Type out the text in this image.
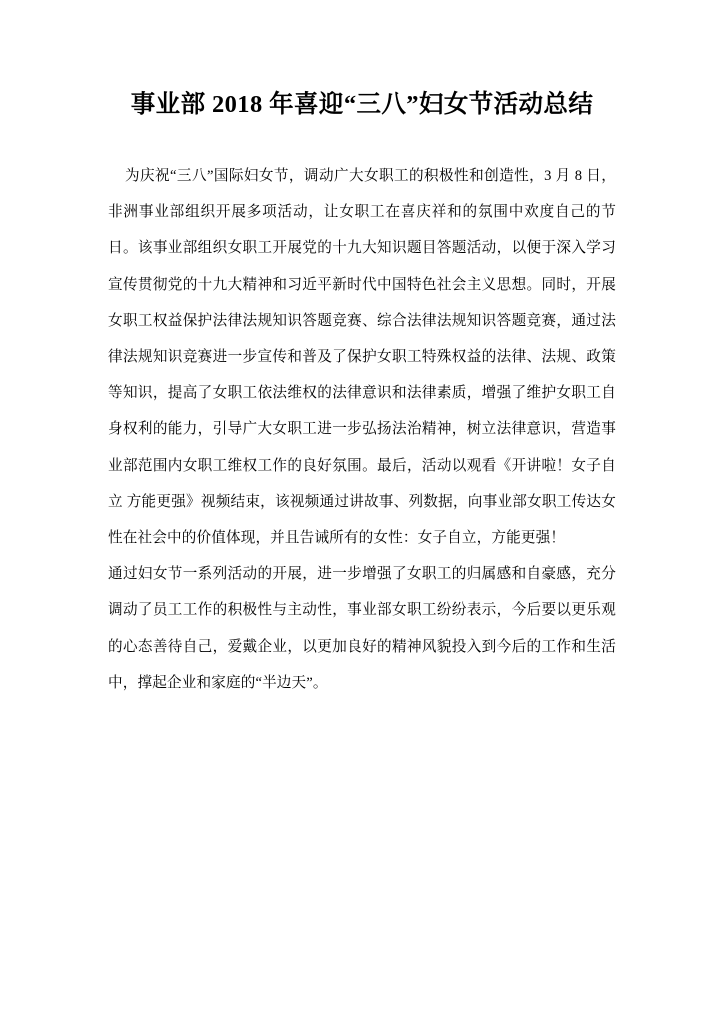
事业部 2018 年喜迎“三八”妇女节活动总结

为庆祝“三八”国际妇女节，调动广大女职工的积极性和创造性，3 月 8 日，非洲事业部组织开展多项活动，让女职工在喜庆祥和的氛围中欢度自己的节日。该事业部组织女职工开展党的十九大知识题目答题活动，以便于深入学习宣传贯彻党的十九大精神和习近平新时代中国特色社会主义思想。同时，开展女职工权益保护法律法规知识答题竞赛、综合法律法规知识答题竞赛，通过法律法规知识竞赛进一步宣传和普及了保护女职工特殊权益的法律、法规、政策等知识，提高了女职工依法维权的法律意识和法律素质，增强了维护女职工自身权利的能力，引导广大女职工进一步弘扬法治精神，树立法律意识，营造事业部范围内女职工维权工作的良好氛围。最后，活动以观看《开讲啦！女子自立 方能更强》视频结束，该视频通过讲故事、列数据，向事业部女职工传达女性在社会中的价值体现，并且告诫所有的女性：女子自立，方能更强！

通过妇女节一系列活动的开展，进一步增强了女职工的归属感和自豪感，充分调动了员工工作的积极性与主动性，事业部女职工纷纷表示，今后要以更乐观的心态善待自己，爱戴企业，以更加良好的精神风貌投入到今后的工作和生活中，撑起企业和家庭的“半边天”。
